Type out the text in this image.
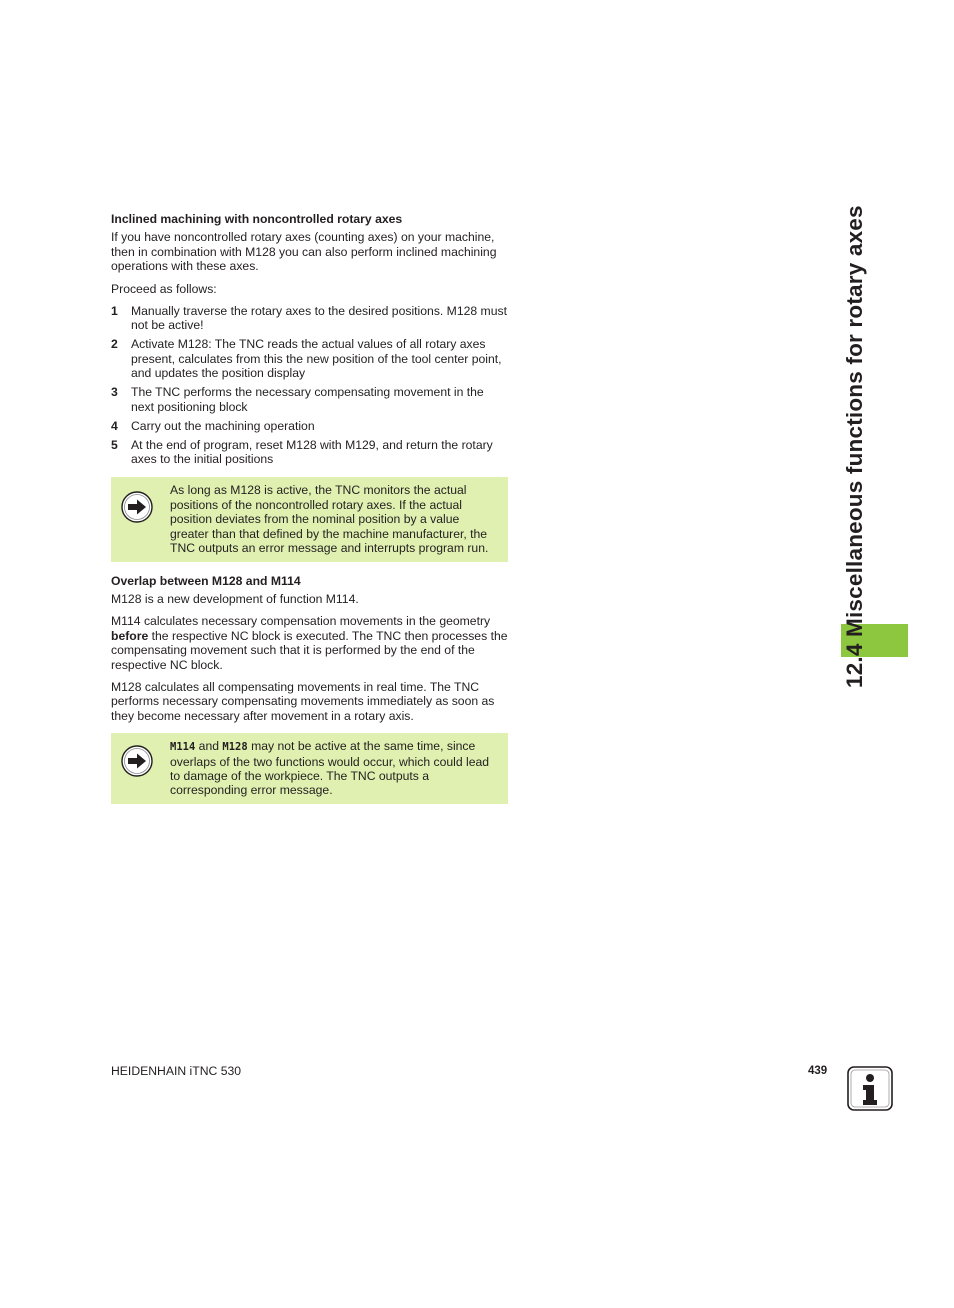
Inclined machining with noncontrolled rotary axes

If you have noncontrolled rotary axes (counting axes) on your machine, then in combination with M128 you can also perform inclined machining operations with these axes.

Proceed as follows:

1 Manually traverse the rotary axes to the desired positions. M128 must not be active!
2 Activate M128: The TNC reads the actual values of all rotary axes present, calculates from this the new position of the tool center point, and updates the position display
3 The TNC performs the necessary compensating movement in the next positioning block
4 Carry out the machining operation
5 At the end of program, reset M128 with M129, and return the rotary axes to the initial positions
As long as M128 is active, the TNC monitors the actual positions of the noncontrolled rotary axes. If the actual position deviates from the nominal position by a value greater than that defined by the machine manufacturer, the TNC outputs an error message and interrupts program run.
Overlap between M128 and M114

M128 is a new development of function M114.

M114 calculates necessary compensation movements in the geometry before the respective NC block is executed. The TNC then processes the compensating movement such that it is performed by the end of the respective NC block.

M128 calculates all compensating movements in real time. The TNC performs necessary compensating movements immediately as soon as they become necessary after movement in a rotary axis.

M114 and M128 may not be active at the same time, since overlaps of the two functions would occur, which could lead to damage of the workpiece. The TNC outputs a corresponding error message.
12.4 Miscellaneous functions for rotary axes
HEIDENHAIN iTNC 530	439
